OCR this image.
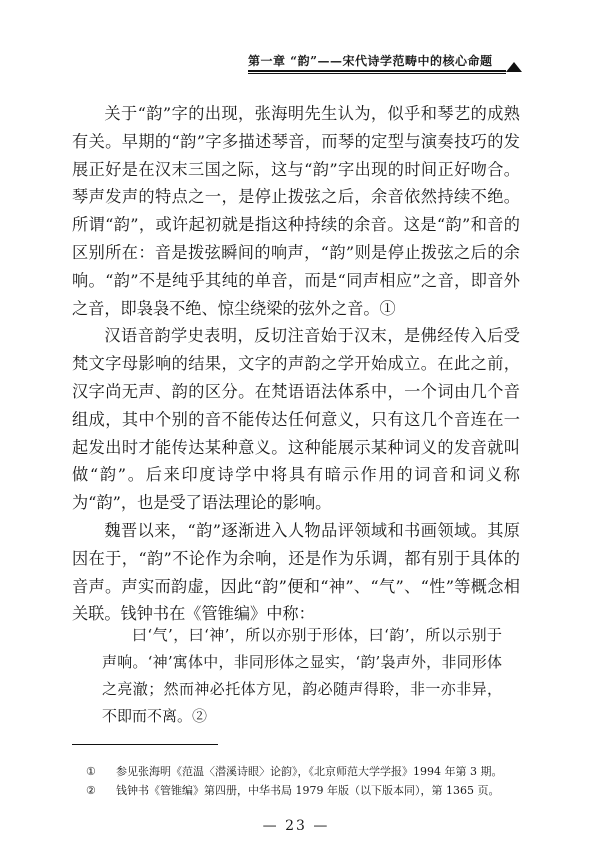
第一章 “韵”——宋代诗学范畴中的核心命题

关于“韵”字的出现，张海明先生认为，似乎和琴艺的成熟有关。早期的“韵”字多描述琴音，而琴的定型与演奏技巧的发展正好是在汉末三国之际，这与“韵”字出现的时间正好吻合。琴声发声的特点之一，是停止拨弦之后，余音依然持续不绝。所谓“韵”，或许起初就是指这种持续的余音。这是“韵”和音的区别所在：音是拨弦瞬间的响声，“韵”则是停止拨弦之后的余响。“韵”不是纯乎其纯的单音，而是“同声相应”之音，即音外之音，即袅袅不绝、惊尘绕梁的弦外之音。①

汉语音韵学史表明，反切注音始于汉末，是佛经传入后受梵文字母影响的结果，文字的声韵之学开始成立。在此之前，汉字尚无声、韵的区分。在梵语语法体系中，一个词由几个音组成，其中个别的音不能传达任何意义，只有这几个音连在一起发出时才能传达某种意义。这种能展示某种词义的发音就叫做“韵”。后来印度诗学中将具有暗示作用的词音和词义称为“韵”，也是受了语法理论的影响。

魏晋以来，“韵”逐渐进入人物品评领域和书画领域。其原因在于，“韵”不论作为余响，还是作为乐调，都有别于具体的音声。声实而韵虚，因此“韵”便和“神”、“气”、“性”等概念相关联。钱钟书在《管锥编》中称：

曰‘气’，曰‘神’，所以亦别于形体，曰‘韵’，所以示别于声响。‘神’寓体中，非同形体之显实，‘韵’袅声外，非同形体之亮澈；然而神必托体方见，韵必随声得聆，非一亦非异，不即而不离。②

①	参见张海明《范温〈潜溪诗眼〉论韵》，《北京师范大学学报》1994 年第 3 期。
②	钱钟书《管锥编》第四册，中华书局 1979 年版（以下版本同），第 1365 页。
— 23 —
